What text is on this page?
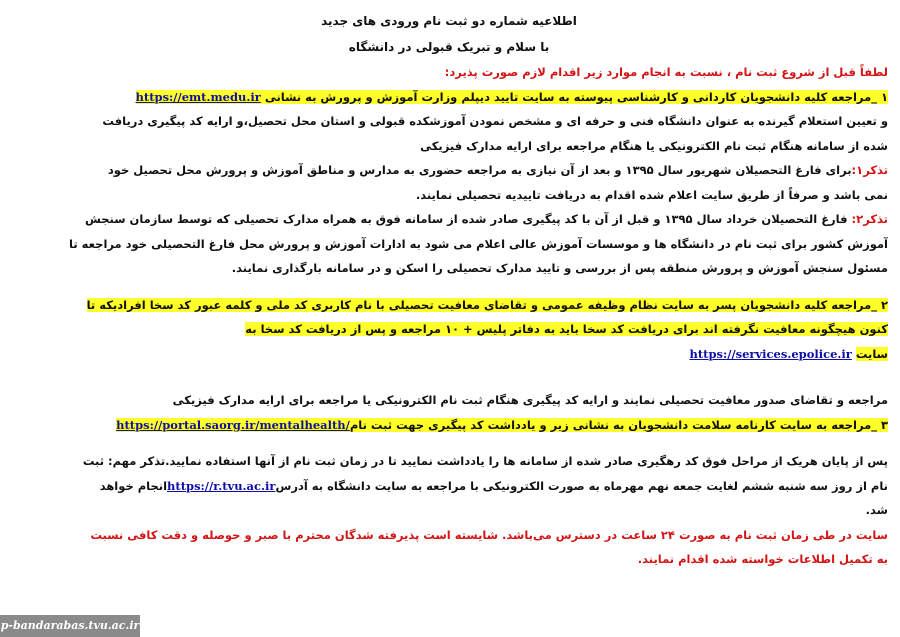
اطلاعیه شماره دو ثبت نام ورودی های جدید

با سلام و تبریک قبولی در دانشگاه

لطفاً قبل از شروع ثبت نام ، نسبت به انجام موارد زیر اقدام لازم صورت پذیرد:

۱ _مراجعه کلیه دانشجویان کاردانی و کارشناسی پیوسته به سایت تایید دیپلم وزارت آموزش و پرورش به نشانی https://emt.medu.ir

و تعیین استعلام گیرنده به عنوان دانشگاه فنی و حرفه ای و مشخص نمودن آموزشکده قبولی و استان محل تحصیل،و ارایه کد پیگیری دریافت

شده از سامانه هنگام ثبت نام الکترونیکی یا هنگام مراجعه برای ارایه مدارک فیزیکی

تذکر۱:برای فارغ التحصیلان شهریور سال ۱۳۹۵ و بعد از آن نیازی به مراجعه حضوری به مدارس و مناطق آموزش و پرورش محل تحصیل خود

نمی باشد و صرفاً از طریق سایت اعلام شده اقدام به دریافت تاییدیه تحصیلی نمایند.

تذکر۲: فارغ التحصیلان خرداد سال ۱۳۹۵ و قبل از آن با کد پیگیری صادر شده از سامانه فوق به همراه مدارک تحصیلی که توسط سازمان سنجش

آموزش کشور برای ثبت نام در دانشگاه ها و موسسات آموزش عالی اعلام می شود به ادارات آموزش و پرورش محل فارغ التحصیلی خود مراجعه تا

مسئول سنجش آموزش و پرورش منطقه پس از بررسی و تایید مدارک تحصیلی را اسکن و در سامانه بارگذاری نمایند.

۲ _مراجعه کلیه دانشجویان پسر به سایت نظام وظیفه عمومی و تقاضای معافیت تحصیلی با نام کاربری کد ملی و کلمه عبور کد سخا افرادیکه تا

کنون هیچگونه معافیت نگرفته اند برای دریافت کد سخا باید به دفاتر پلیس + ۱۰ مراجعه و پس از دریافت کد سخا به

سایت https://services.epolice.ir

مراجعه و تقاضای صدور معافیت تحصیلی نمایند و ارایه کد پیگیری هنگام ثبت نام الکترونیکی یا مراجعه برای ارایه مدارک فیزیکی

۳ _مراجعه به سایت کارنامه سلامت دانشجویان به نشانی زیر و یادداشت کد پیگیری جهت ثبت نامhttps://portal.saorg.ir/mentalhealth/

پس از پایان هریک از مراحل فوق کد رهگیری صادر شده از سامانه ها را یادداشت نمایید تا در زمان ثبت نام از آنها استفاده نمایید.تذکر مهم: ثبت

نام از روز سه شنبه ششم لغایت جمعه نهم مهرماه به صورت الکترونیکی با مراجعه به سایت دانشگاه به آدرسhttps://r.tvu.ac.irانجام خواهد

شد.

سایت در طی زمان ثبت نام به صورت ۲۴ ساعت در دسترس می‌باشد. شایسته است پذیرفته شدگان محترم با صبر و حوصله و دقت کافی نسبت

به تکمیل اطلاعات خواسته شده اقدام نمایند.

p-bandarabas.tvu.ac.ir
